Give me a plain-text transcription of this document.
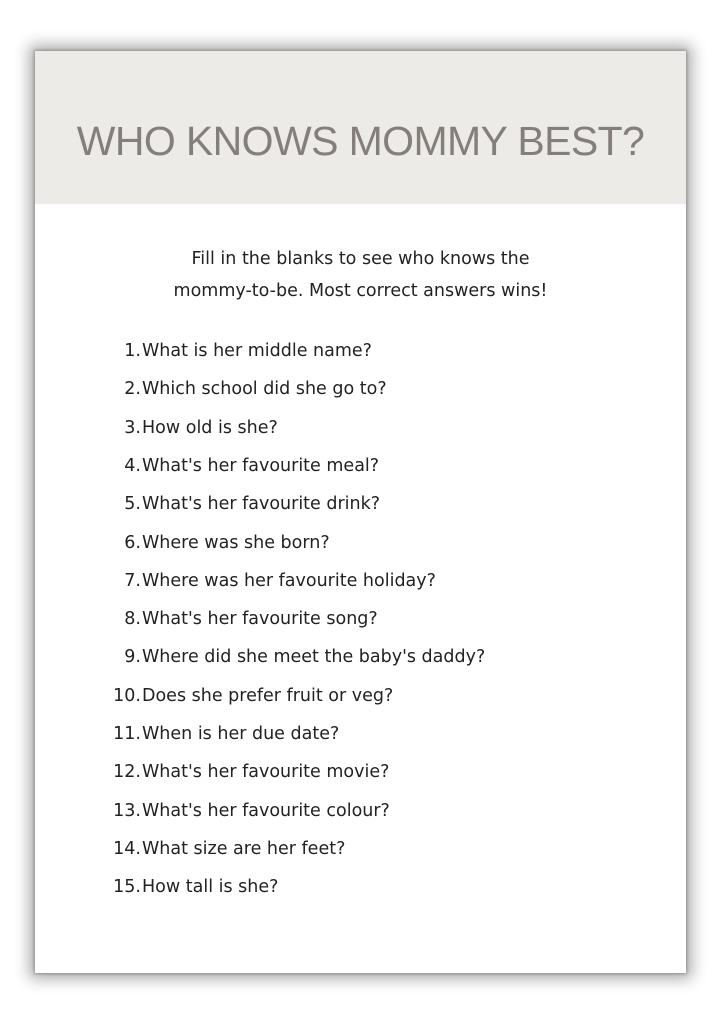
WHO KNOWS MOMMY BEST?
Fill in the blanks to see who knows the
mommy-to-be. Most correct answers wins!
1. What is her middle name?
2. Which school did she go to?
3. How old is she?
4. What's her favourite meal?
5. What's her favourite drink?
6. Where was she born?
7. Where was her favourite holiday?
8. What's her favourite song?
9. Where did she meet the baby's daddy?
10. Does she prefer fruit or veg?
11. When is her due date?
12. What's her favourite movie?
13. What's her favourite colour?
14. What size are her feet?
15. How tall is she?
